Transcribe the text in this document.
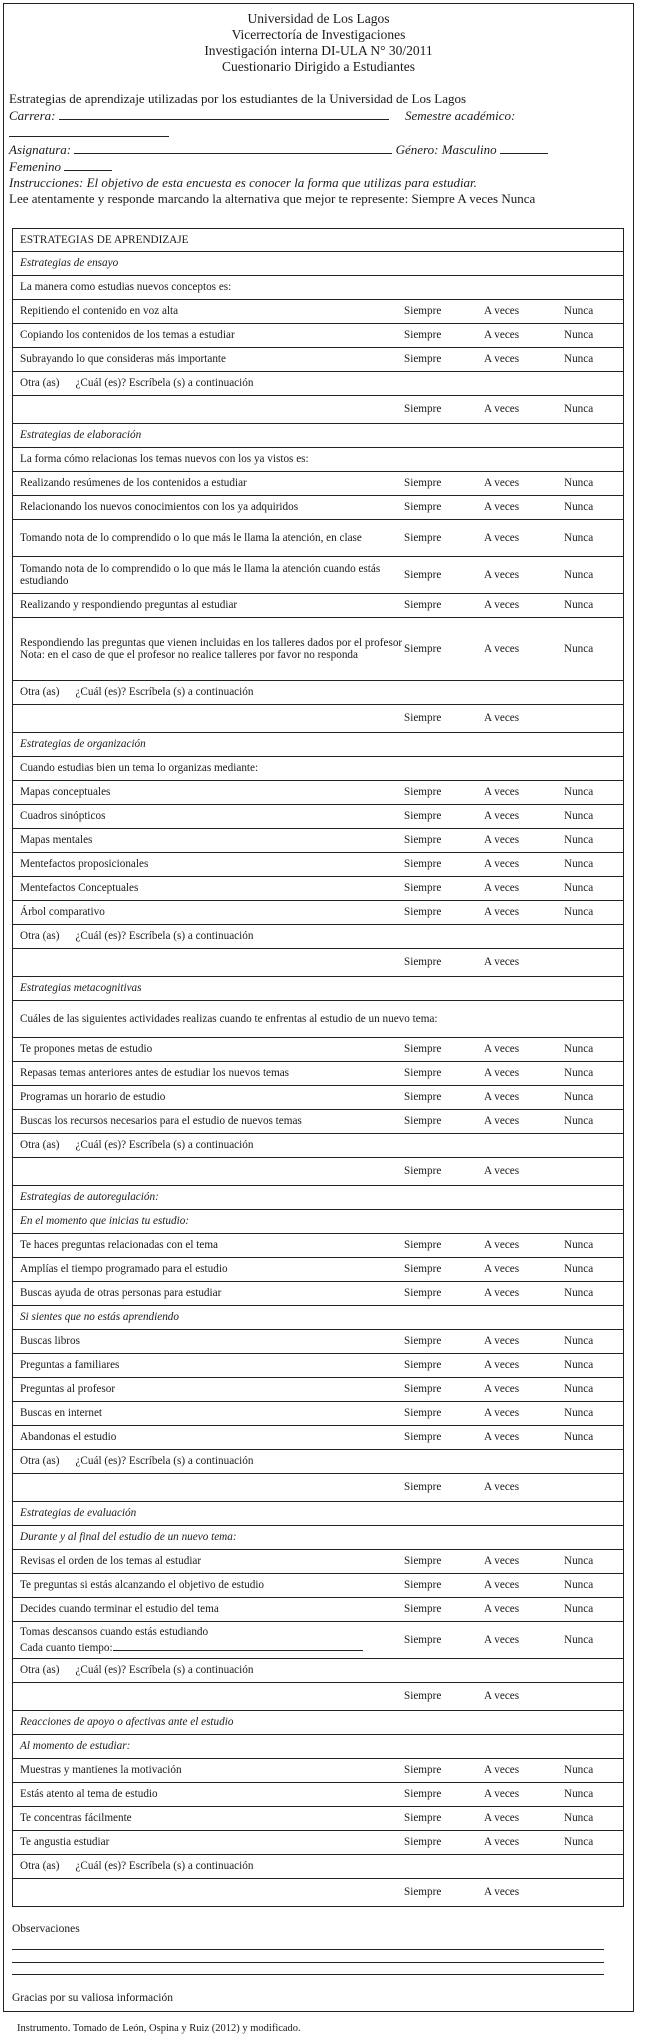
Universidad de Los Lagos
Vicerrectoría de Investigaciones
Investigación interna DI-ULA N° 30/2011
Cuestionario Dirigido a Estudiantes
Estrategias de aprendizaje utilizadas por los estudiantes de la Universidad de Los Lagos
Carrera:	Semestre académico:
Asignatura:	Género: Masculino
Femenino
Instrucciones: El objetivo de esta encuesta es conocer la forma que utilizas para estudiar.
Lee atentamente y responde marcando la alternativa que mejor te represente: Siempre A veces Nunca
ESTRATEGIAS DE APRENDIZAJE			
Estrategias de ensayo			
La manera como estudias nuevos conceptos es:			
Repitiendo el contenido en voz alta	Siempre	A veces	Nunca
Copiando los contenidos de los temas a estudiar	Siempre	A veces	Nunca
Subrayando lo que consideras más importante	Siempre	A veces	Nunca
Otra (as) ¿Cuál (es)? Escríbela (s) a continuación			
	Siempre	A veces	Nunca
Estrategias de elaboración			
La forma cómo relacionas los temas nuevos con los ya vistos es:			
Realizando resúmenes de los contenidos a estudiar	Siempre	A veces	Nunca
Relacionando los nuevos conocimientos con los ya adquiridos	Siempre	A veces	Nunca
Tomando nota de lo comprendido o lo que más le llama la atención, en clase	Siempre	A veces	Nunca
Tomando nota de lo comprendido o lo que más le llama la atención cuando estás estudiando	Siempre	A veces	Nunca
Realizando y respondiendo preguntas al estudiar	Siempre	A veces	Nunca
Respondiendo las preguntas que vienen incluidas en los talleres dados por el profesor
Nota: en el caso de que el profesor no realice talleres por favor no responda	Siempre	A veces	Nunca
Otra (as) ¿Cuál (es)? Escríbela (s) a continuación			
	Siempre	A veces	
Estrategias de organización			
Cuando estudias bien un tema lo organizas mediante:			
Mapas conceptuales	Siempre	A veces	Nunca
Cuadros sinópticos	Siempre	A veces	Nunca
Mapas mentales	Siempre	A veces	Nunca
Mentefactos proposicionales	Siempre	A veces	Nunca
Mentefactos Conceptuales	Siempre	A veces	Nunca
Árbol comparativo	Siempre	A veces	Nunca
Otra (as) ¿Cuál (es)? Escríbela (s) a continuación			
	Siempre	A veces	
Estrategias metacognitivas			
Cuáles de las siguientes actividades realizas cuando te enfrentas al estudio de un nuevo tema:			
Te propones metas de estudio	Siempre	A veces	Nunca
Repasas temas anteriores antes de estudiar los nuevos temas	Siempre	A veces	Nunca
Programas un horario de estudio	Siempre	A veces	Nunca
Buscas los recursos necesarios para el estudio de nuevos temas	Siempre	A veces	Nunca
Otra (as) ¿Cuál (es)? Escríbela (s) a continuación			
	Siempre	A veces	
Estrategias de autoregulación:			
En el momento que inicias tu estudio:			
Te haces preguntas relacionadas con el tema	Siempre	A veces	Nunca
Amplías el tiempo programado para el estudio	Siempre	A veces	Nunca
Buscas ayuda de otras personas para estudiar	Siempre	A veces	Nunca
Si sientes que no estás aprendiendo			
Buscas libros	Siempre	A veces	Nunca
Preguntas a familiares	Siempre	A veces	Nunca
Preguntas al profesor	Siempre	A veces	Nunca
Buscas en internet	Siempre	A veces	Nunca
Abandonas el estudio	Siempre	A veces	Nunca
Otra (as) ¿Cuál (es)? Escríbela (s) a continuación			
	Siempre	A veces	
Estrategias de evaluación			
Durante y al final del estudio de un nuevo tema:			
Revisas el orden de los temas al estudiar	Siempre	A veces	Nunca
Te preguntas si estás alcanzando el objetivo de estudio	Siempre	A veces	Nunca
Decides cuando terminar el estudio del tema	Siempre	A veces	Nunca

Tomas descansos cuando estás estudiando
Cada cuanto tiempo:	Siempre	A veces	Nunca
Otra (as) ¿Cuál (es)? Escríbela (s) a continuación			
	Siempre	A veces	
Reacciones de apoyo o afectivas ante el estudio			
Al momento de estudiar:			
Muestras y mantienes la motivación	Siempre	A veces	Nunca
Estás atento al tema de estudio	Siempre	A veces	Nunca
Te concentras fácilmente	Siempre	A veces	Nunca
Te angustia estudiar	Siempre	A veces	Nunca
Otra (as) ¿Cuál (es)? Escríbela (s) a continuación			
	Siempre	A veces	
Observaciones
Gracias por su valiosa información
Instrumento. Tomado de León, Ospina y Ruiz (2012) y modificado.
